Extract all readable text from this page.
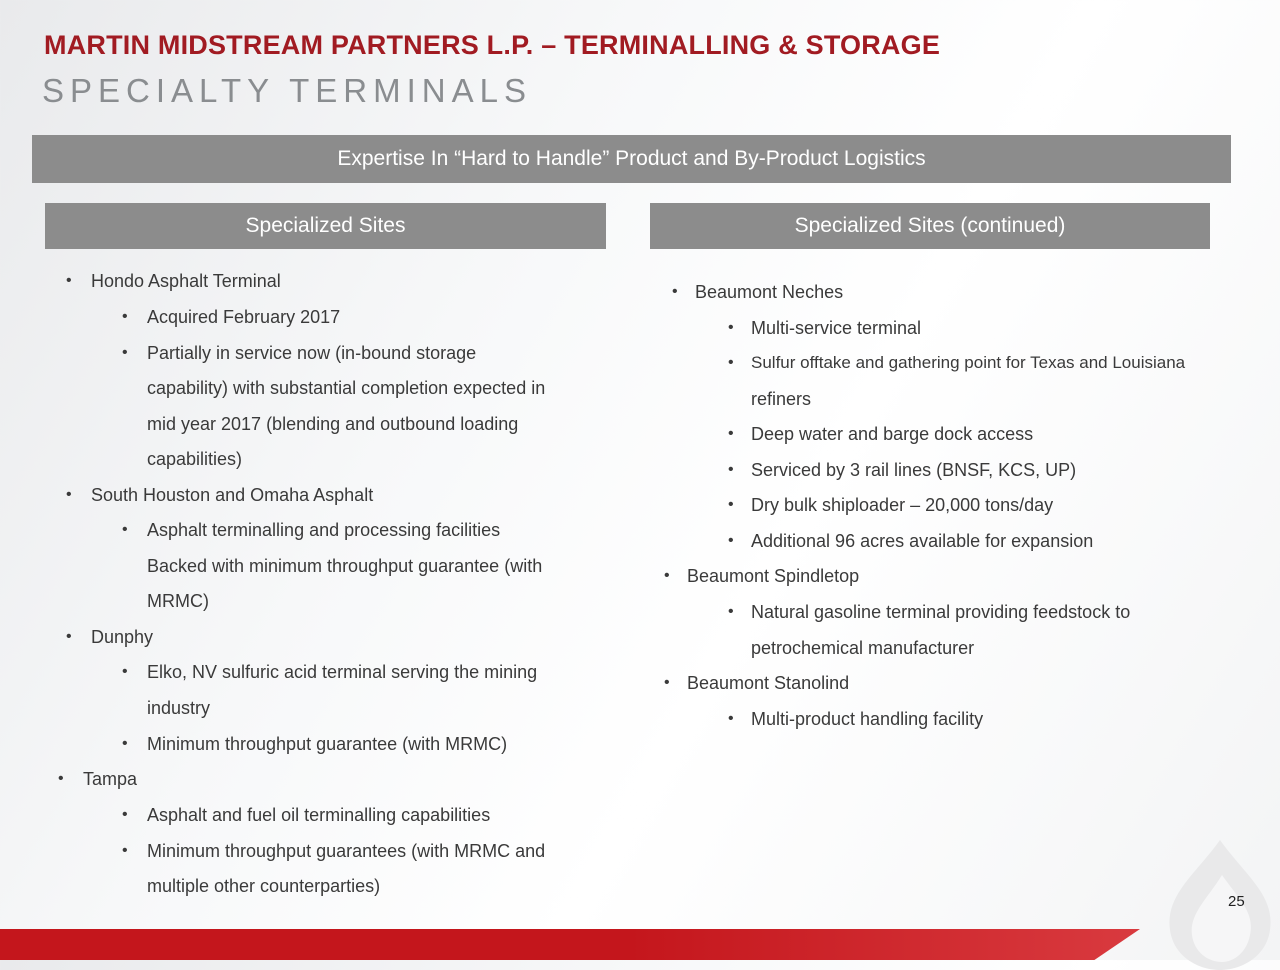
MARTIN MIDSTREAM PARTNERS L.P. – TERMINALLING & STORAGE
SPECIALTY TERMINALS
Expertise In “Hard to Handle” Product and By-Product Logistics
Specialized Sites	Specialized Sites (continued)
• Hondo Asphalt Terminal
• Acquired February 2017
• Partially in service now (in-bound storage
capability) with substantial completion expected in
mid year 2017 (blending and outbound loading
capabilities)
• South Houston and Omaha Asphalt
• Asphalt terminalling and processing facilities
Backed with minimum throughput guarantee (with
MRMC)
• Dunphy
• Elko, NV sulfuric acid terminal serving the mining
industry
• Minimum throughput guarantee (with MRMC)
• Tampa
• Asphalt and fuel oil terminalling capabilities
• Minimum throughput guarantees (with MRMC and
multiple other counterparties)
• Beaumont Neches
• Multi-service terminal
• Sulfur offtake and gathering point for Texas and Louisiana
refiners
• Deep water and barge dock access
• Serviced by 3 rail lines (BNSF, KCS, UP)
• Dry bulk shiploader – 20,000 tons/day
• Additional 96 acres available for expansion
• Beaumont Spindletop
• Natural gasoline terminal providing feedstock to
petrochemical manufacturer
• Beaumont Stanolind
• Multi-product handling facility
25
